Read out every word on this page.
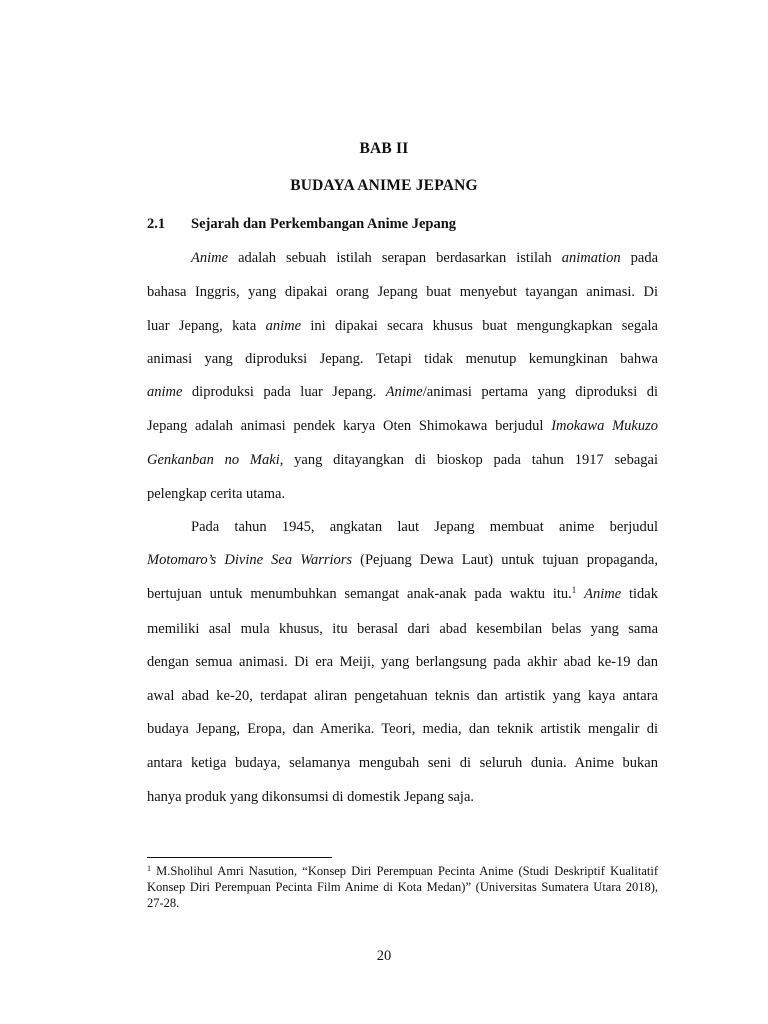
BAB II
BUDAYA ANIME JEPANG
2.1 Sejarah dan Perkembangan Anime Jepang
Anime adalah sebuah istilah serapan berdasarkan istilah animation pada
bahasa Inggris, yang dipakai orang Jepang buat menyebut tayangan animasi. Di
luar Jepang, kata anime ini dipakai secara khusus buat mengungkapkan segala
animasi yang diproduksi Jepang. Tetapi tidak menutup kemungkinan bahwa
anime diproduksi pada luar Jepang. Anime/animasi pertama yang diproduksi di
Jepang adalah animasi pendek karya Oten Shimokawa berjudul Imokawa Mukuzo
Genkanban no Maki, yang ditayangkan di bioskop pada tahun 1917 sebagai
pelengkap cerita utama.
Pada tahun 1945, angkatan laut Jepang membuat anime berjudul
Motomaro’s Divine Sea Warriors (Pejuang Dewa Laut) untuk tujuan propaganda,
bertujuan untuk menumbuhkan semangat anak-anak pada waktu itu.$^1$ Anime tidak
memiliki asal mula khusus, itu berasal dari abad kesembilan belas yang sama
dengan semua animasi. Di era Meiji, yang berlangsung pada akhir abad ke-19 dan
awal abad ke-20, terdapat aliran pengetahuan teknis dan artistik yang kaya antara
budaya Jepang, Eropa, dan Amerika. Teori, media, dan teknik artistik mengalir di
antara ketiga budaya, selamanya mengubah seni di seluruh dunia. Anime bukan
hanya produk yang dikonsumsi di domestik Jepang saja.
$^1$ M.Sholihul Amri Nasution, “Konsep Diri Perempuan Pecinta Anime (Studi Deskriptif Kualitatif
Konsep Diri Perempuan Pecinta Film Anime di Kota Medan)” (Universitas Sumatera Utara 2018),
27-28.
20
